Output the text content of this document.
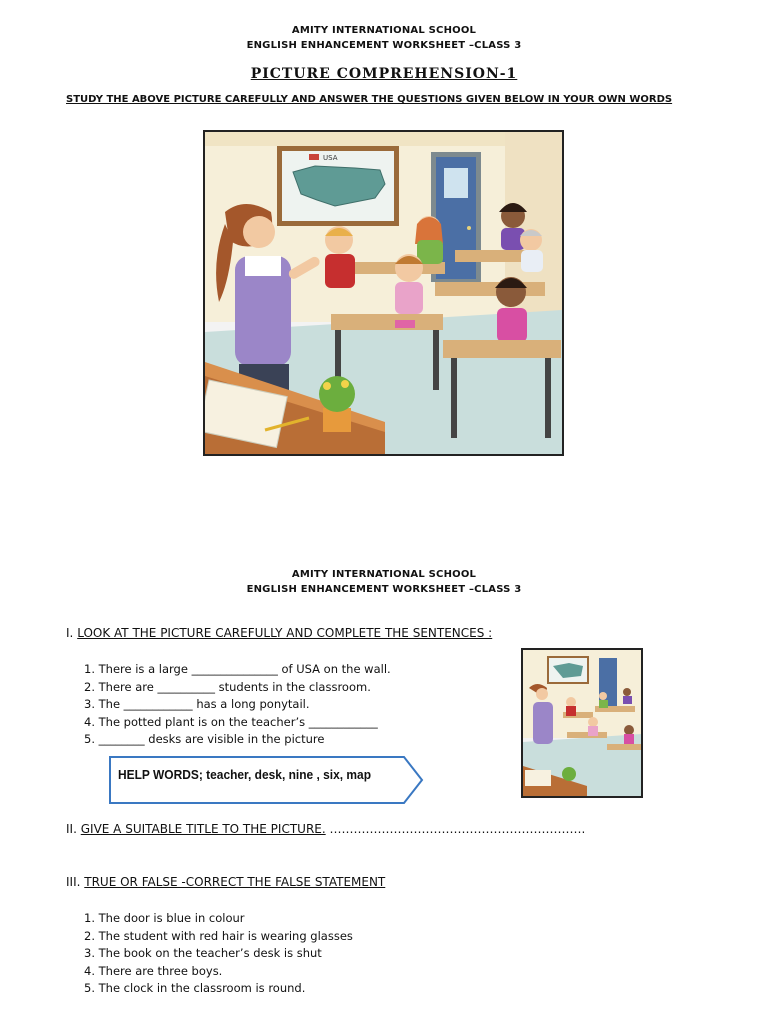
AMITY INTERNATIONAL SCHOOL
ENGLISH ENHANCEMENT WORKSHEET –CLASS 3
PICTURE COMPREHENSION-1
STUDY THE ABOVE PICTURE CAREFULLY AND ANSWER THE QUESTIONS GIVEN BELOW IN YOUR OWN WORDS
USA
AMITY INTERNATIONAL SCHOOL
ENGLISH ENHANCEMENT WORKSHEET –CLASS 3
I. LOOK AT THE PICTURE CAREFULLY AND COMPLETE THE SENTENCES :
1. There is a large _______________ of USA on the wall.
2. There are __________ students in the classroom.
3. The ____________ has a long ponytail.
4. The potted plant is on the teacher’s ____________
5. ________ desks are visible in the picture
HELP WORDS; teacher, desk, nine , six, map
II. GIVE A SUITABLE TITLE TO THE PICTURE. ……………………………………………………….
III. TRUE OR FALSE -CORRECT THE FALSE STATEMENT
1. The door is blue in colour
2. The student with red hair is wearing glasses
3. The book on the teacher’s desk is shut
4. There are three boys.
5. The clock in the classroom is round.
